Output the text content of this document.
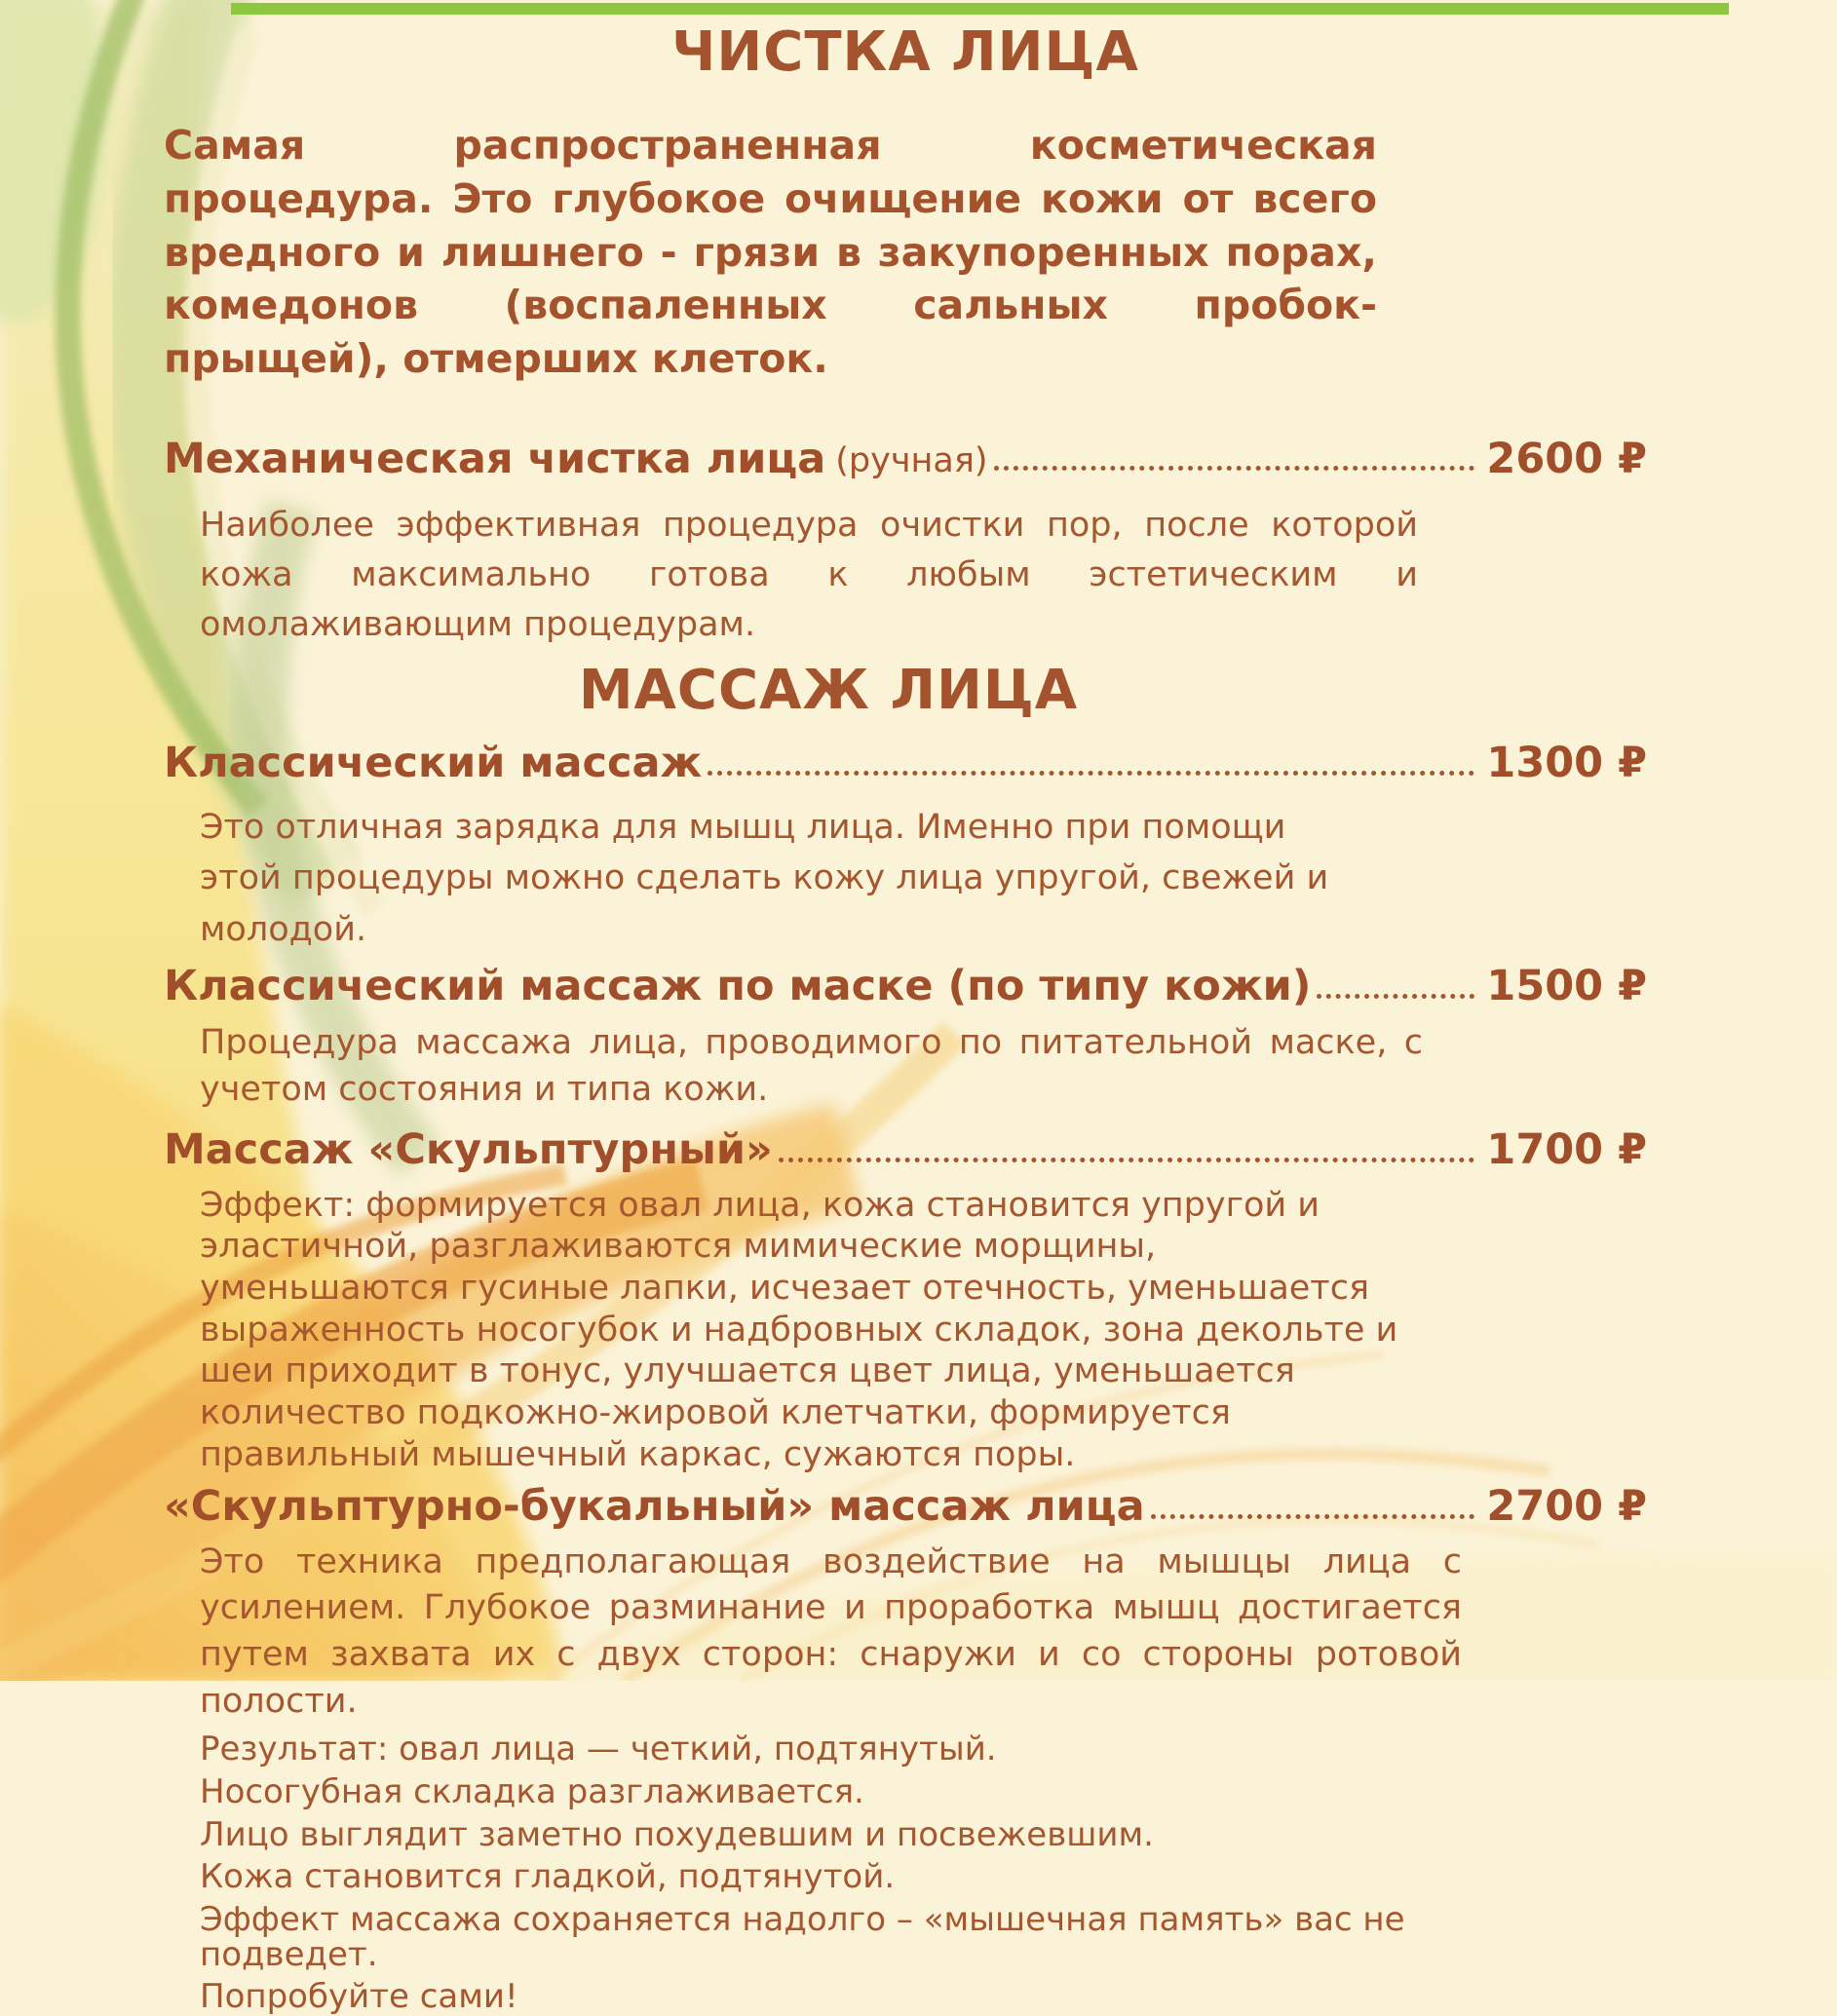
ЧИСТКА ЛИЦА
Самая распространенная косметическая процедура. Это глубокое очищение кожи от всего вредного и лишнего - грязи в закупоренных порах, комедонов (воспаленных сальных пробок-прыщей), отмерших клеток.
Механическая чистка лица (ручная)	2600 ₽
Наиболее эффективная процедура очистки пор, после которой кожа максимально готова к любым эстетическим и омолаживающим процедурам.
МАССАЖ ЛИЦА
Классический массаж	1300 ₽
Это отличная зарядка для мышц лица. Именно при помощи этой процедуры можно сделать кожу лица упругой, свежей и молодой.
Классический массаж по маске (по типу кожи)	1500 ₽
Процедура массажа лица, проводимого по питательной маске, с учетом состояния и типа кожи.
Массаж «Скульптурный»	1700 ₽
Эффект: формируется овал лица, кожа становится упругой и эластичной, разглаживаются мимические морщины, уменьшаются гусиные лапки, исчезает отечность, уменьшается выраженность носогубок и надбровных складок, зона декольте и шеи приходит в тонус, улучшается цвет лица, уменьшается количество подкожно-жировой клетчатки, формируется правильный мышечный каркас, сужаются поры.
«Скульптурно-букальный» массаж лица	2700 ₽
Это техника предполагающая воздействие на мышцы лица с усилением. Глубокое разминание и проработка мышц достигается путем захвата их с двух сторон: снаружи и со стороны ротовой полости.

Результат: овал лица — четкий, подтянутый.

Носогубная складка разглаживается.

Лицо выглядит заметно похудевшим и посвежевшим.

Кожа становится гладкой, подтянутой.

Эффект массажа сохраняется надолго – «мышечная память» вас не подведет.

Попробуйте сами!
